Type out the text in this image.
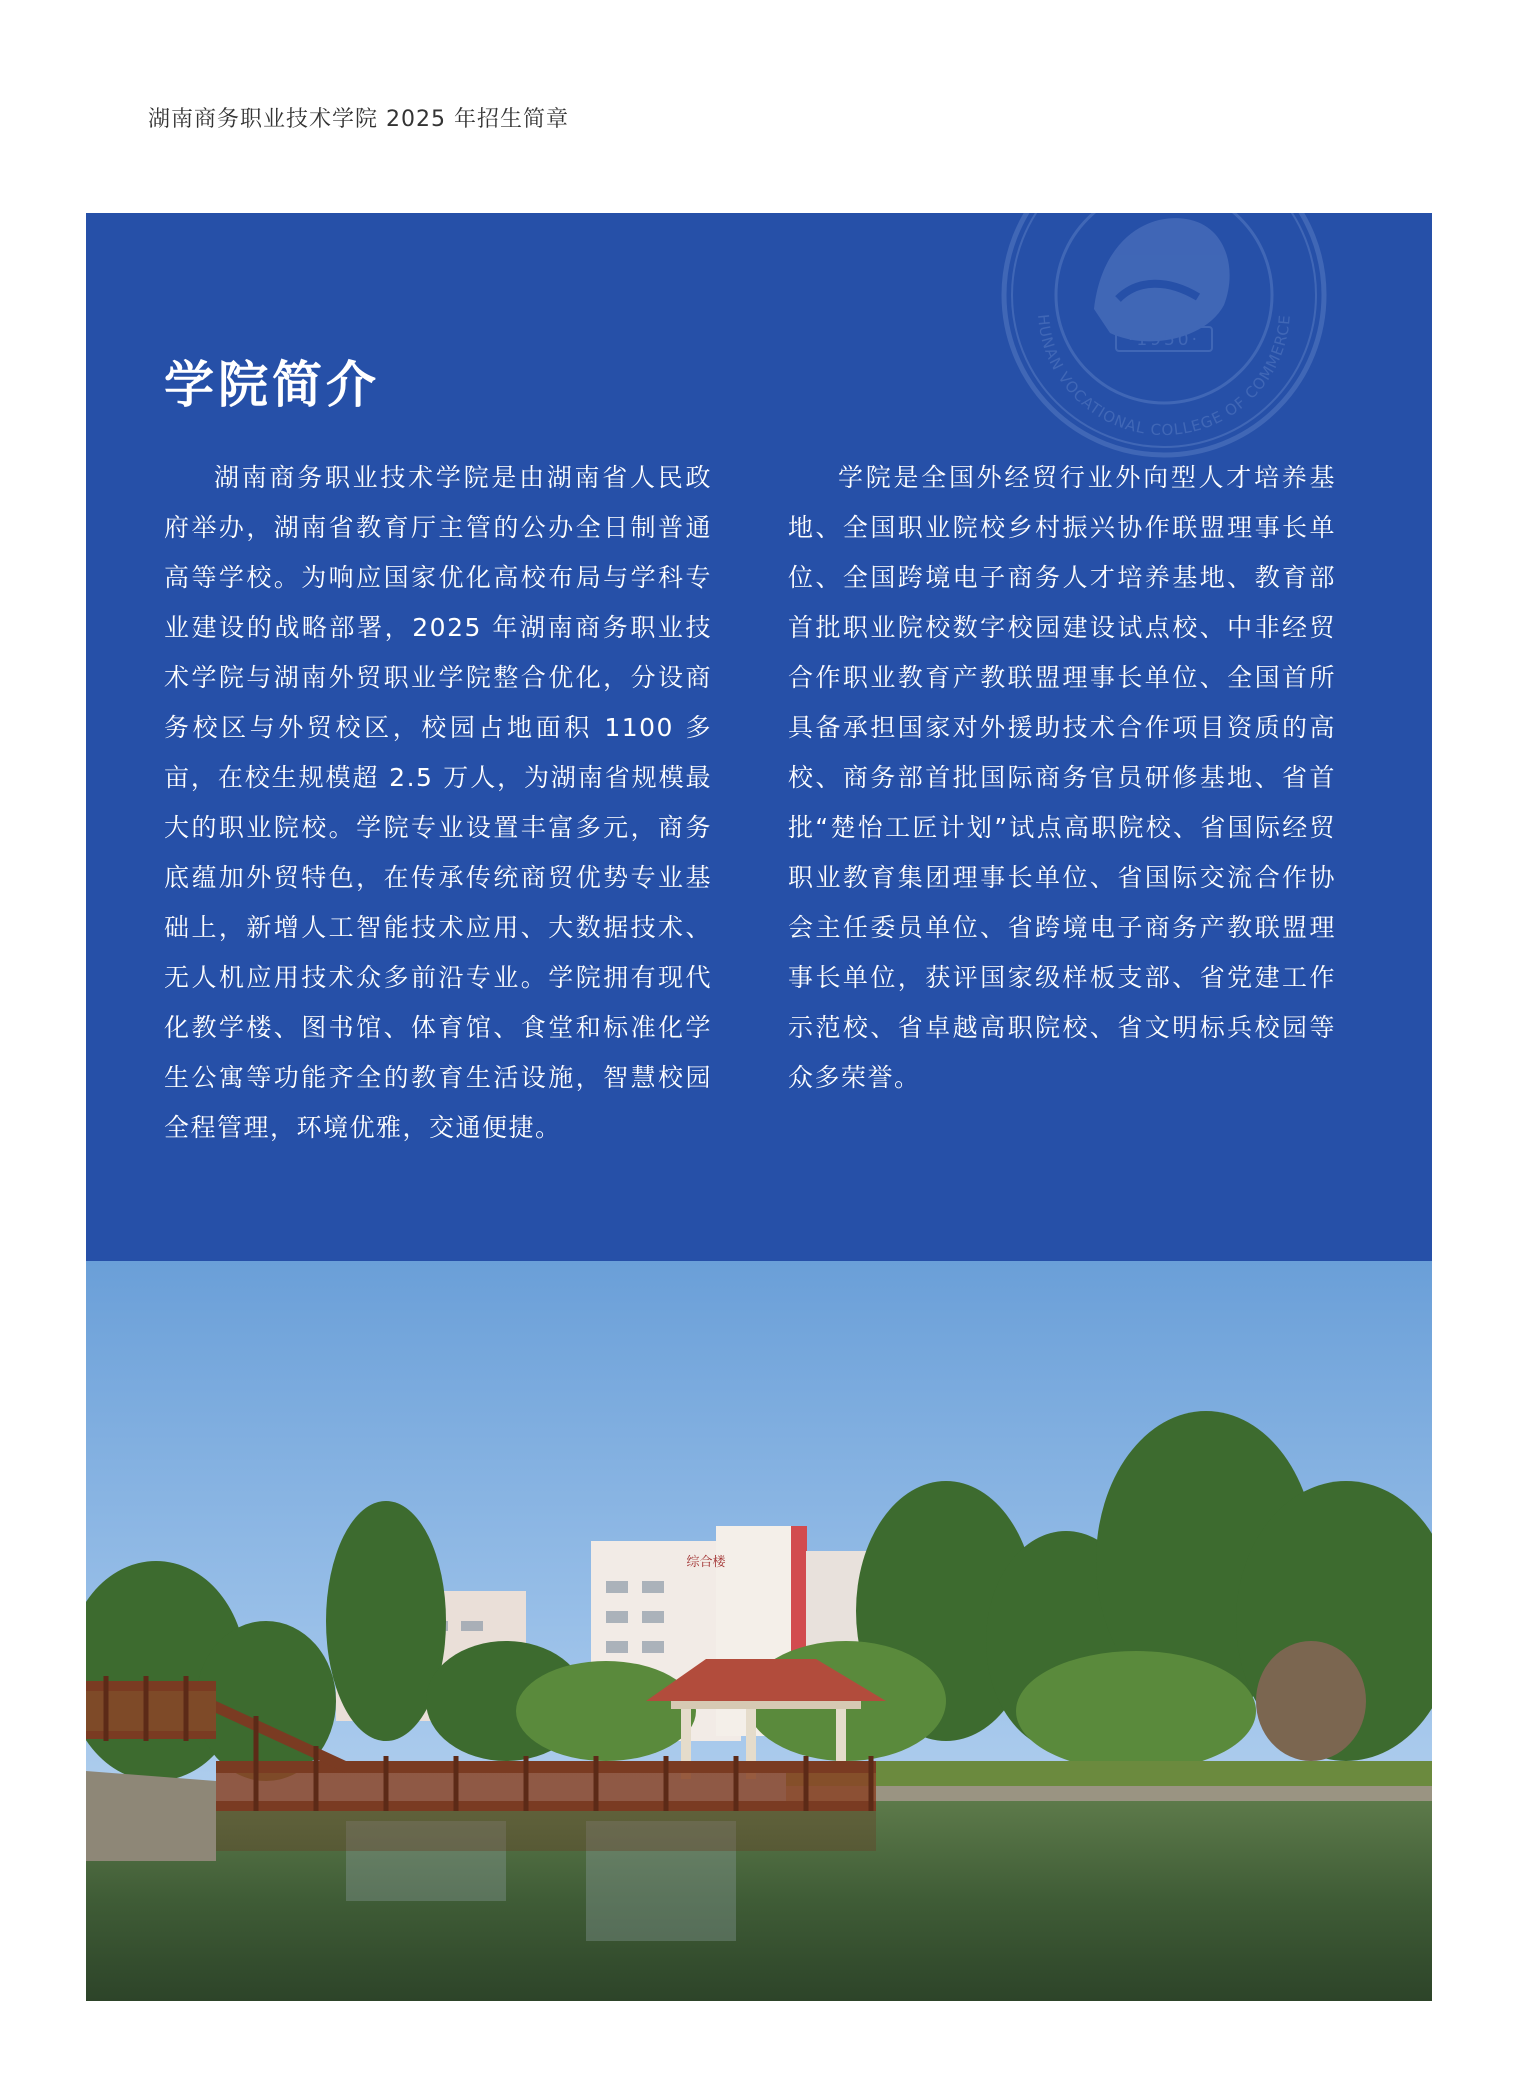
湖南商务职业技术学院 2025 年招生简章
·1950·
HUNAN VOCATIONAL COLLEGE OF COMMERCE
学院简介

湖南商务职业技术学院是由湖南省人民政府举办，湖南省教育厅主管的公办全日制普通高等学校。为响应国家优化高校布局与学科专业建设的战略部署，2025 年湖南商务职业技术学院与湖南外贸职业学院整合优化，分设商务校区与外贸校区，校园占地面积 1100 多亩，在校生规模超 2.5 万人，为湖南省规模最大的职业院校。学院专业设置丰富多元，商务底蕴加外贸特色，在传承传统商贸优势专业基础上，新增人工智能技术应用、大数据技术、无人机应用技术众多前沿专业。学院拥有现代化教学楼、图书馆、体育馆、食堂和标准化学生公寓等功能齐全的教育生活设施，智慧校园全程管理，环境优雅，交通便捷。

学院是全国外经贸行业外向型人才培养基地、全国职业院校乡村振兴协作联盟理事长单位、全国跨境电子商务人才培养基地、教育部首批职业院校数字校园建设试点校、中非经贸合作职业教育产教联盟理事长单位、全国首所具备承担国家对外援助技术合作项目资质的高校、商务部首批国际商务官员研修基地、省首批“楚怡工匠计划”试点高职院校、省国际经贸职业教育集团理事长单位、省国际交流合作协会主任委员单位、省跨境电子商务产教联盟理事长单位，获评国家级样板支部、省党建工作示范校、省卓越高职院校、省文明标兵校园等众多荣誉。

综合楼
